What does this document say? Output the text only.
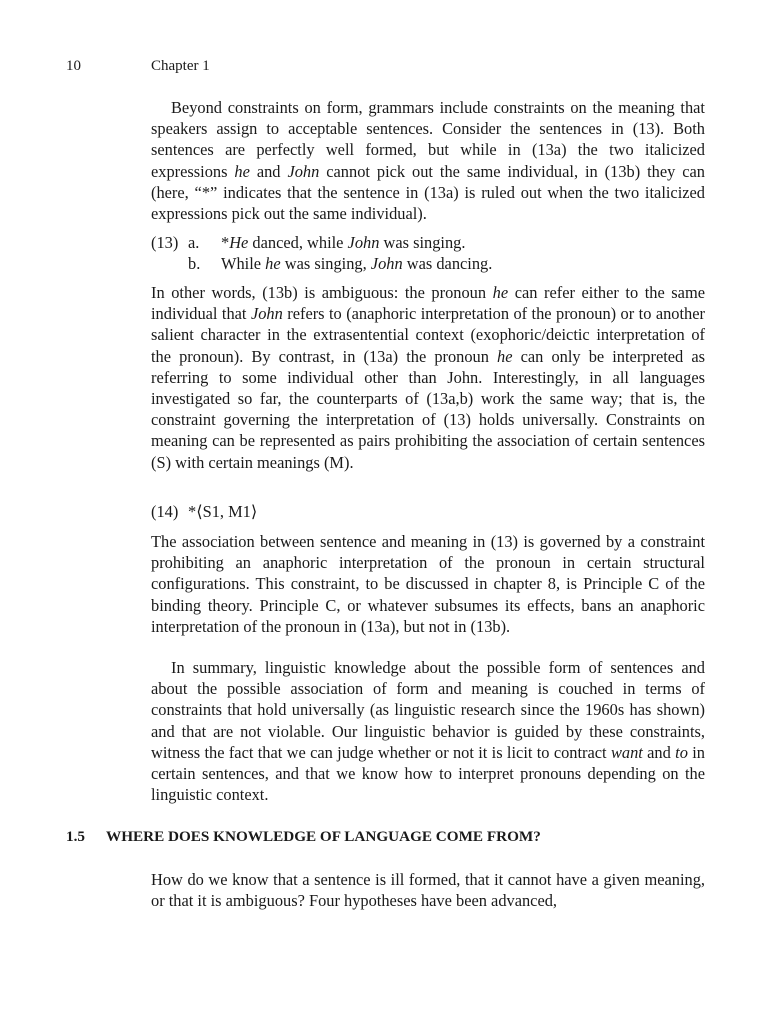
10	Chapter 1

Beyond constraints on form, grammars include constraints on the meaning that speakers assign to acceptable sentences. Consider the sentences in (13). Both sentences are perfectly well formed, but while in (13a) the two italicized expressions he and John cannot pick out the same individual, in (13b) they can (here, “*” indicates that the sentence in (13a) is ruled out when the two italicized expressions pick out the same individual).

(13) a. *He danced, while John was singing.
b. While he was singing, John was dancing.

In other words, (13b) is ambiguous: the pronoun he can refer either to the same individual that John refers to (anaphoric interpretation of the pronoun) or to another salient character in the extrasentential context (exophoric/deictic interpretation of the pronoun). By contrast, in (13a) the pronoun he can only be interpreted as referring to some individual other than John. Interestingly, in all languages investigated so far, the counterparts of (13a,b) work the same way; that is, the constraint governing the interpretation of (13) holds universally. Constraints on meaning can be represented as pairs prohibiting the association of certain sentences (S) with certain meanings (M).

(14) *⟨S1, M1⟩

The association between sentence and meaning in (13) is governed by a constraint prohibiting an anaphoric interpretation of the pronoun in certain structural configurations. This constraint, to be discussed in chapter 8, is Principle C of the binding theory. Principle C, or whatever subsumes its effects, bans an anaphoric interpretation of the pronoun in (13a), but not in (13b).

In summary, linguistic knowledge about the possible form of sentences and about the possible association of form and meaning is couched in terms of constraints that hold universally (as linguistic research since the 1960s has shown) and that are not violable. Our linguistic behavior is guided by these constraints, witness the fact that we can judge whether or not it is licit to contract want and to in certain sentences, and that we know how to interpret pronouns depending on the linguistic context.

1.5 WHERE DOES KNOWLEDGE OF LANGUAGE COME FROM?

How do we know that a sentence is ill formed, that it cannot have a given meaning, or that it is ambiguous? Four hypotheses have been advanced,
